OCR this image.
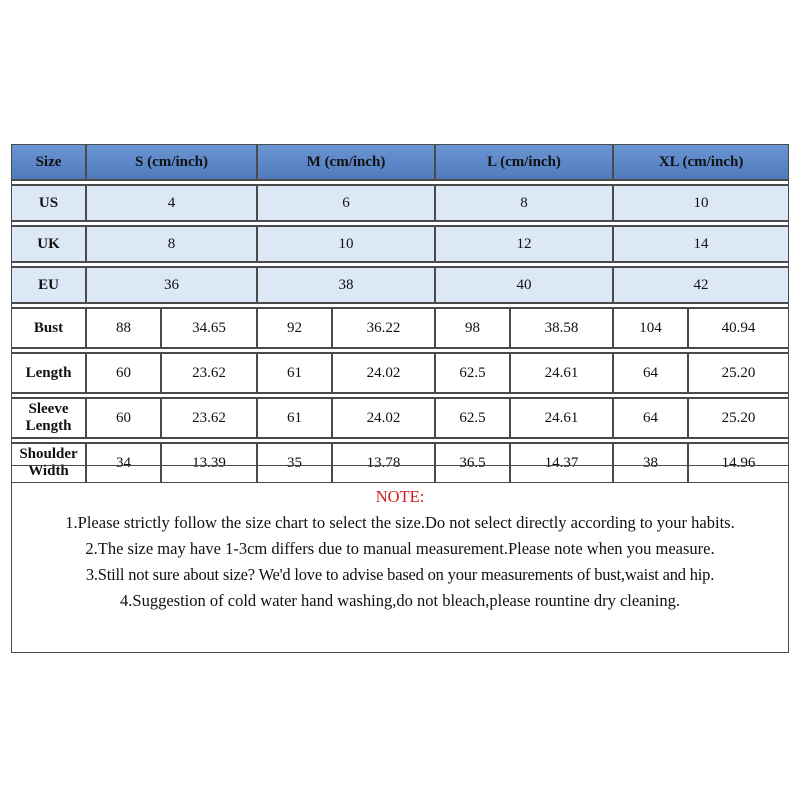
Size	S (cm/inch)		M (cm/inch)		L (cm/inch)		XL (cm/inch)	

US	4		6		8		10	

UK	8		10		12		14	

EU	36		38		40		42	

Bust	88	34.65	92	36.22	98	38.58	104	40.94

Length	60	23.62	61	24.02	62.5	24.61	64	25.20

Sleeve Length	60	23.62	61	24.02	62.5	24.61	64	25.20

Shoulder Width	34	13.39	35	13.78	36.5	14.37	38	14.96
NOTE:
1.Please strictly follow the size chart to select the size.Do not select directly according to your habits.
2.The size may have 1-3cm differs due to manual measurement.Please note when you measure.
3.Still not sure about size? We'd love to advise based on your measurements of bust,waist and hip.
4.Suggestion of cold water hand washing,do not bleach,please rountine dry cleaning.
